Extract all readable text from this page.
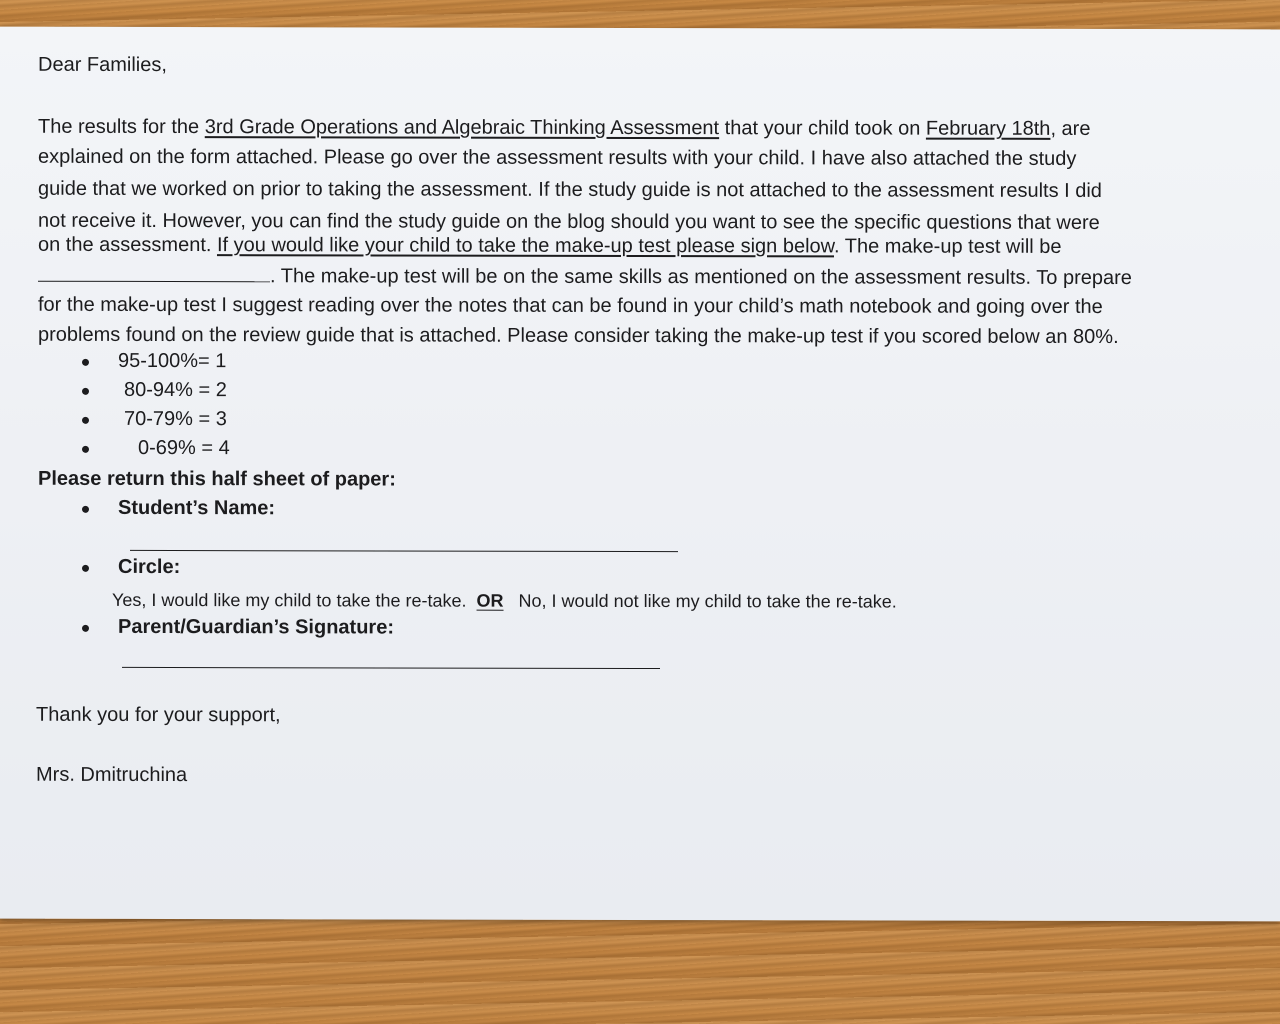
Dear Families,
The results for the 3rd Grade Operations and Algebraic Thinking Assessment that your child took on February 18th, are
explained on the form attached. Please go over the assessment results with your child. I have also attached the study
guide that we worked on prior to taking the assessment. If the study guide is not attached to the assessment results I did
not receive it. However, you can find the study guide on the blog should you want to see the specific questions that were
on the assessment. If you would like your child to take the make-up test please sign below. The make-up test will be
. The make-up test will be on the same skills as mentioned on the assessment results. To prepare
for the make-up test I suggest reading over the notes that can be found in your child’s math notebook and going over the
problems found on the review guide that is attached. Please consider taking the make-up test if you scored below an 80%.
95-100%= 1
80-94% = 2
70-79% = 3
0-69% = 4
Please return this half sheet of paper:
Student’s Name:
Circle:
Yes, I would like my child to take the re-take. OR No, I would not like my child to take the re-take.
Parent/Guardian’s Signature:
Thank you for your support,
Mrs. Dmitruchina
